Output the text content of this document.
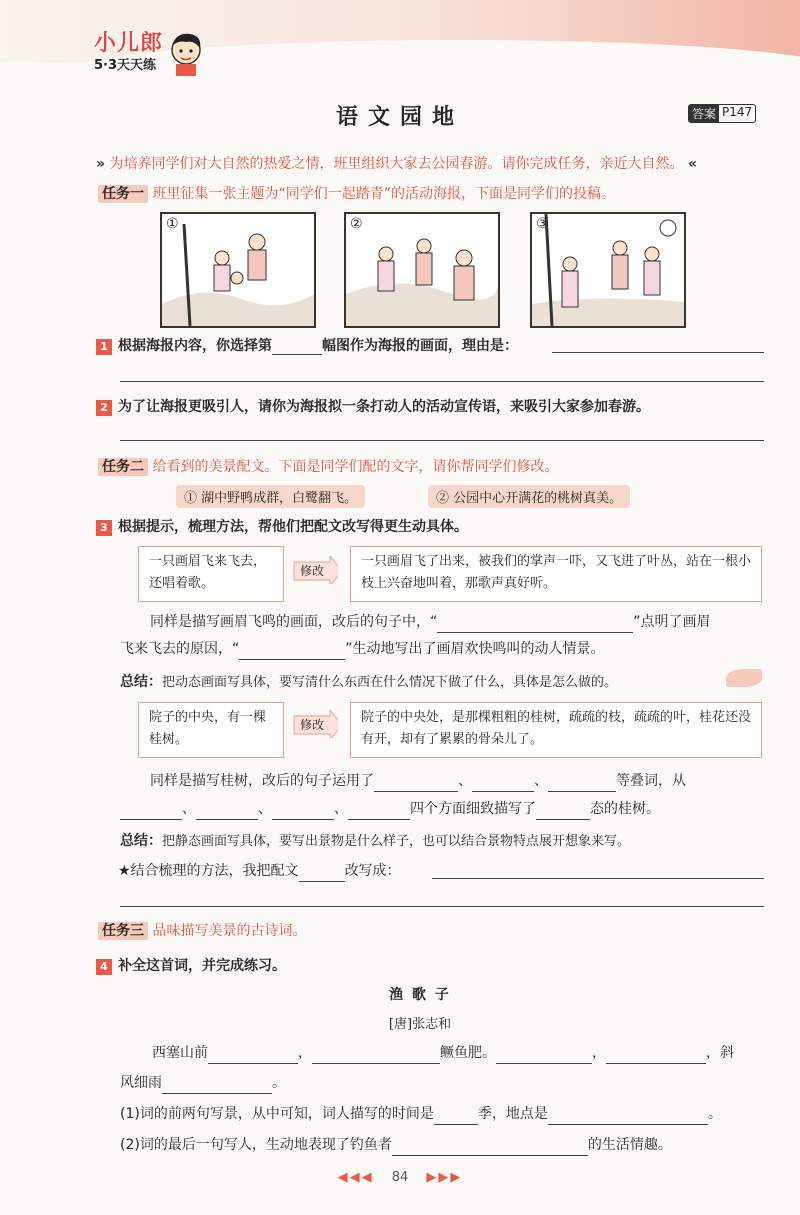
小儿郎
5·3天天练
语文园地	答案 P147
» 为培养同学们对大自然的热爱之情，班里组织大家去公园春游。请你完成任务，亲近大自然。 «
任务一 班里征集一张主题为“同学们一起踏青”的活动海报，下面是同学们的投稿。
①	②	③
1 根据海报内容，你选择第	幅图作为海报的画面，理由是：
2 为了让海报更吸引人，请你为海报拟一条打动人的活动宣传语，来吸引大家参加春游。
任务二 给看到的美景配文。下面是同学们配的文字，请你帮同学们修改。
① 湖中野鸭成群，白鹭翻飞。	② 公园中心开满花的桃树真美。
3 根据提示，梳理方法，帮他们把配文改写得更生动具体。
一只画眉飞来飞去，还唱着歌。
修改
一只画眉飞了出来，被我们的掌声一吓，又飞进了叶丛，站在一根小枝上兴奋地叫着，那歌声真好听。
同样是描写画眉飞鸣的画面，改后的句子中，“	”点明了画眉
飞来飞去的原因，“	”生动地写出了画眉欢快鸣叫的动人情景。
总结：把动态画面写具体，要写清什么东西在什么情况下做了什么，具体是怎么做的。
院子的中央，有一棵桂树。
修改	院子的中央处，是那棵粗粗的桂树，疏疏的枝，疏疏的叶，桂花还没有开，却有了累累的骨朵儿了。
同样是描写桂树，改后的句子运用了	、	、	等叠词，从
、	、	、	四个方面细致描写了	态的桂树。
总结：把静态画面写具体，要写出景物是什么样子，也可以结合景物特点展开想象来写。
★结合梳理的方法，我把配文	改写成：
任务三 品味描写美景的古诗词。
4 补全这首词，并完成练习。
渔 歌 子
[唐]张志和
西塞山前	，	鳜鱼肥。	，	，斜
风细雨	。
(1)词的前两句写景，从中可知，词人描写的时间是	季，地点是	。
(2)词的最后一句写人，生动地表现了钓鱼者	的生活情趣。
◀◀◀ 84 ▶▶▶
